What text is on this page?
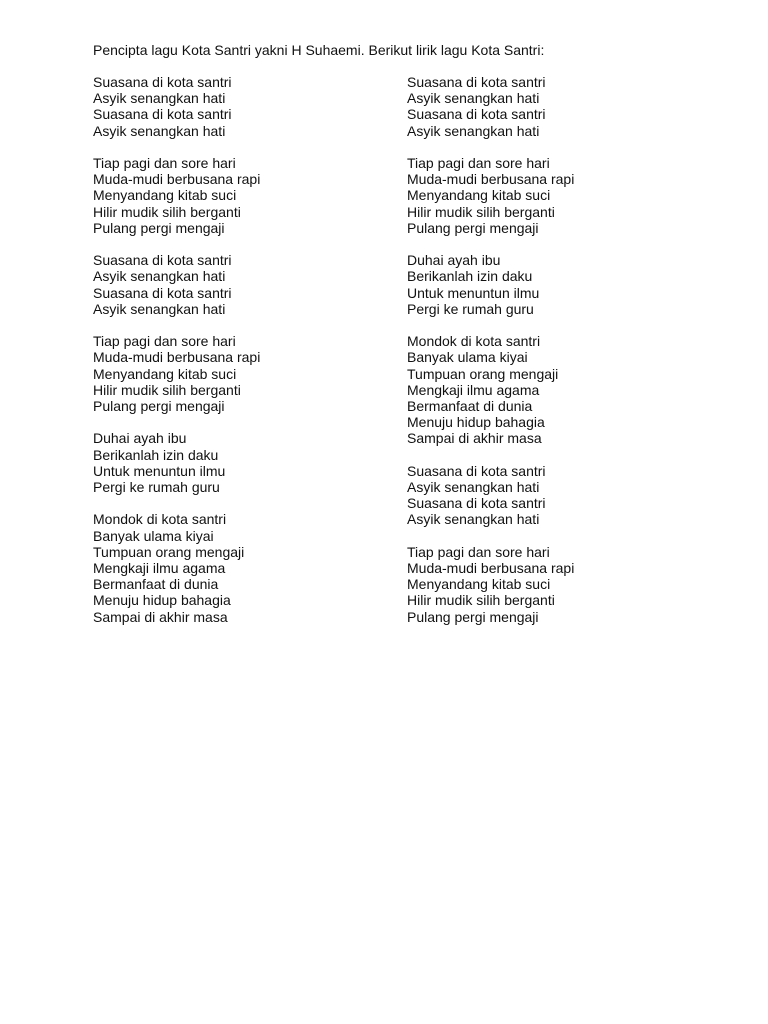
Pencipta lagu Kota Santri yakni H Suhaemi. Berikut lirik lagu Kota Santri:
Suasana di kota santri
Asyik senangkan hati
Suasana di kota santri
Asyik senangkan hati
Tiap pagi dan sore hari
Muda-mudi berbusana rapi
Menyandang kitab suci
Hilir mudik silih berganti
Pulang pergi mengaji
Suasana di kota santri
Asyik senangkan hati
Suasana di kota santri
Asyik senangkan hati
Tiap pagi dan sore hari
Muda-mudi berbusana rapi
Menyandang kitab suci
Hilir mudik silih berganti
Pulang pergi mengaji
Duhai ayah ibu
Berikanlah izin daku
Untuk menuntun ilmu
Pergi ke rumah guru
Mondok di kota santri
Banyak ulama kiyai
Tumpuan orang mengaji
Mengkaji ilmu agama
Bermanfaat di dunia
Menuju hidup bahagia
Sampai di akhir masa
Suasana di kota santri
Asyik senangkan hati
Suasana di kota santri
Asyik senangkan hati
Tiap pagi dan sore hari
Muda-mudi berbusana rapi
Menyandang kitab suci
Hilir mudik silih berganti
Pulang pergi mengaji
Duhai ayah ibu
Berikanlah izin daku
Untuk menuntun ilmu
Pergi ke rumah guru
Mondok di kota santri
Banyak ulama kiyai
Tumpuan orang mengaji
Mengkaji ilmu agama
Bermanfaat di dunia
Menuju hidup bahagia
Sampai di akhir masa
Suasana di kota santri
Asyik senangkan hati
Suasana di kota santri
Asyik senangkan hati
Tiap pagi dan sore hari
Muda-mudi berbusana rapi
Menyandang kitab suci
Hilir mudik silih berganti
Pulang pergi mengaji
